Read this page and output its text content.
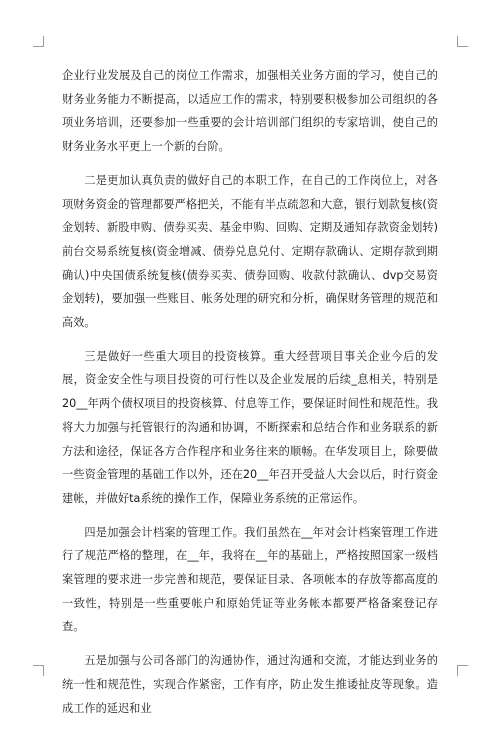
企业行业发展及自己的岗位工作需求，加强相关业务方面的学习，使自己的财务业务能力不断提高，以适应工作的需求，特别要积极参加公司组织的各项业务培训，还要参加一些重要的会计培训部门组织的专家培训，使自己的财务业务水平更上一个新的台阶。

二是更加认真负责的做好自己的本职工作，在自己的工作岗位上，对各项财务资金的管理都要严格把关，不能有半点疏忽和大意，银行划款复核(资金划转、新股申购、债券买卖、基金申购、回购、定期及通知存款资金划转)前台交易系统复核(资金增减、债券兑息兑付、定期存款确认、定期存款到期确认)中央国债系统复核(债券买卖、债券回购、收款付款确认、dvp交易资金划转)，要加强一些账目、帐务处理的研究和分析，确保财务管理的规范和高效。

三是做好一些重大项目的投资核算。重大经营项目事关企业今后的发展，资金安全性与项目投资的可行性以及企业发展的后续_息相关，特别是20__年两个债权项目的投资核算、付息等工作，要保证时间性和规范性。我将大力加强与托管银行的沟通和协调，不断探索和总结合作和业务联系的新方法和途径，保证各方合作程序和业务往来的顺畅。在华发项目上，除要做一些资金管理的基础工作以外，还在20__年召开受益人大会以后，时行资金建帐，并做好ta系统的操作工作，保障业务系统的正常运作。

四是加强会计档案的管理工作。我们虽然在__年对会计档案管理工作进行了规范严格的整理，在__年，我将在__年的基础上，严格按照国家一级档案管理的要求进一步完善和规范，要保证目录、各项帐本的存放等都高度的一致性，特别是一些重要帐户和原始凭证等业务帐本都要严格备案登记存查。

五是加强与公司各部门的沟通协作，通过沟通和交流，才能达到业务的统一性和规范性，实现合作紧密，工作有序，防止发生推诿扯皮等现象。造成工作的延迟和业
